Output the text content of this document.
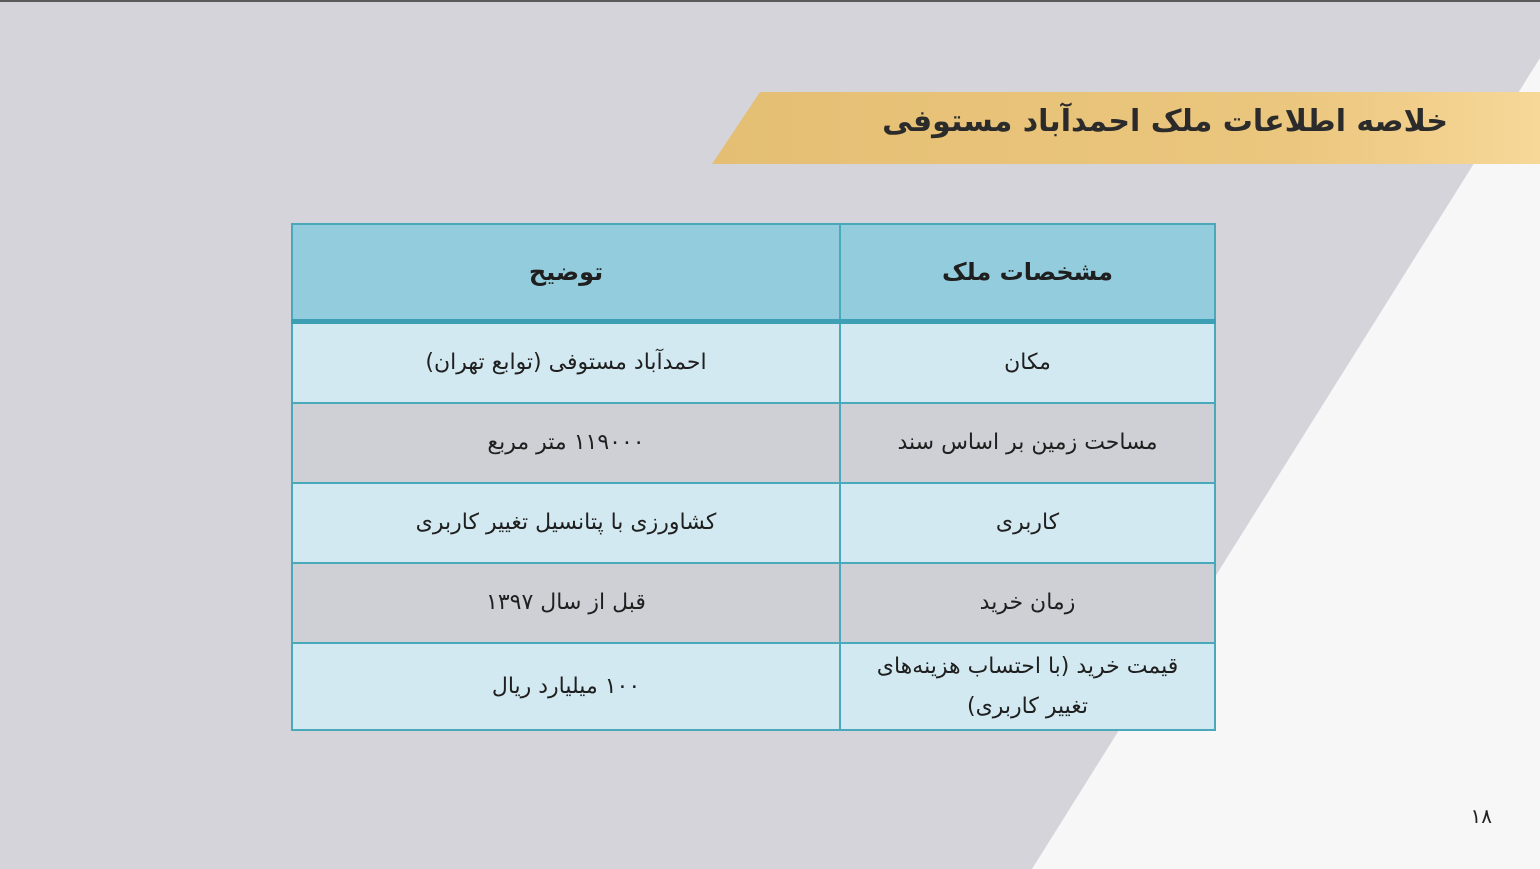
خلاصه اطلاعات ملک احمدآباد مستوفی
مشخصات ملک	توضیح
مکان	احمدآباد مستوفی (توابع تهران)
مساحت زمین بر اساس سند	۱۱۹۰۰۰ متر مربع
کاربری	کشاورزی با پتانسیل تغییر کاربری
زمان خرید	قبل از سال ۱۳۹۷
قیمت خرید (با احتساب هزینه‌های تغییر کاربری)	۱۰۰ میلیارد ریال
۱۸
